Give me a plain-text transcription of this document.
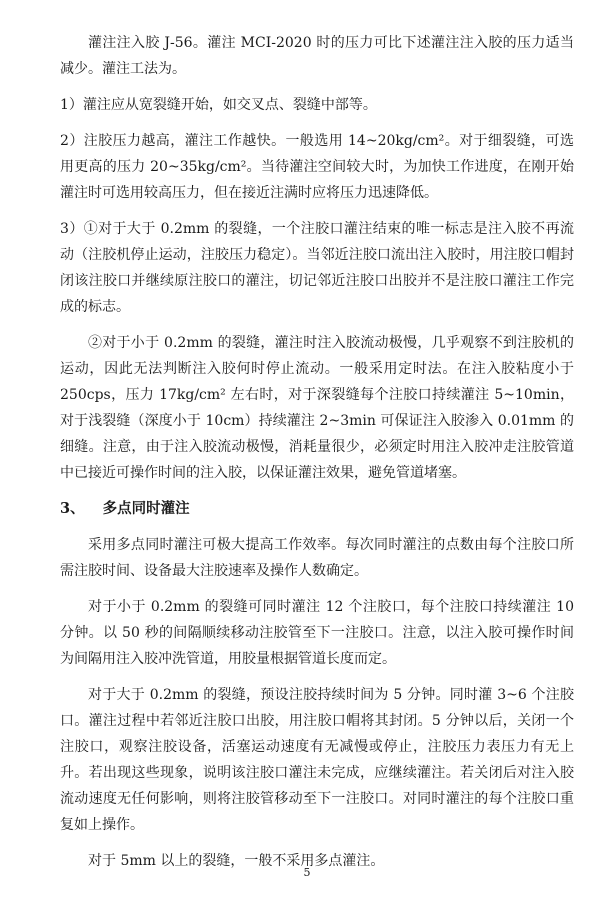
灌注注入胶 J-56。灌注 MCI-2020 时的压力可比下述灌注注入胶的压力适当减少。灌注工法为。

1）灌注应从宽裂缝开始，如交叉点、裂缝中部等。

2）注胶压力越高，灌注工作越快。一般选用 14~20kg/cm²。对于细裂缝，可选用更高的压力 20~35kg/cm²。当待灌注空间较大时，为加快工作进度，在刚开始灌注时可选用较高压力，但在接近注满时应将压力迅速降低。

3）①对于大于 0.2mm 的裂缝，一个注胶口灌注结束的唯一标志是注入胶不再流动（注胶机停止运动，注胶压力稳定）。当邻近注胶口流出注入胶时，用注胶口帽封闭该注胶口并继续原注胶口的灌注，切记邻近注胶口出胶并不是注胶口灌注工作完成的标志。

②对于小于 0.2mm 的裂缝，灌注时注入胶流动极慢，几乎观察不到注胶机的运动，因此无法判断注入胶何时停止流动。一般采用定时法。在注入胶粘度小于 250cps，压力 17kg/cm² 左右时，对于深裂缝每个注胶口持续灌注 5~10min，对于浅裂缝（深度小于 10cm）持续灌注 2~3min 可保证注入胶渗入 0.01mm 的细缝。注意，由于注入胶流动极慢，消耗量很少，必须定时用注入胶冲走注胶管道中已接近可操作时间的注入胶，以保证灌注效果，避免管道堵塞。

3、 多点同时灌注

采用多点同时灌注可极大提高工作效率。每次同时灌注的点数由每个注胶口所需注胶时间、设备最大注胶速率及操作人数确定。

对于小于 0.2mm 的裂缝可同时灌注 12 个注胶口，每个注胶口持续灌注 10 分钟。以 50 秒的间隔顺续移动注胶管至下一注胶口。注意，以注入胶可操作时间为间隔用注入胶冲洗管道，用胶量根据管道长度而定。

对于大于 0.2mm 的裂缝，预设注胶持续时间为 5 分钟。同时灌 3~6 个注胶口。灌注过程中若邻近注胶口出胶，用注胶口帽将其封闭。5 分钟以后，关闭一个注胶口，观察注胶设备，活塞运动速度有无减慢或停止，注胶压力表压力有无上升。若出现这些现象，说明该注胶口灌注未完成，应继续灌注。若关闭后对注入胶流动速度无任何影响，则将注胶管移动至下一注胶口。对同时灌注的每个注胶口重复如上操作。

对于 5mm 以上的裂缝，一般不采用多点灌注。

5
